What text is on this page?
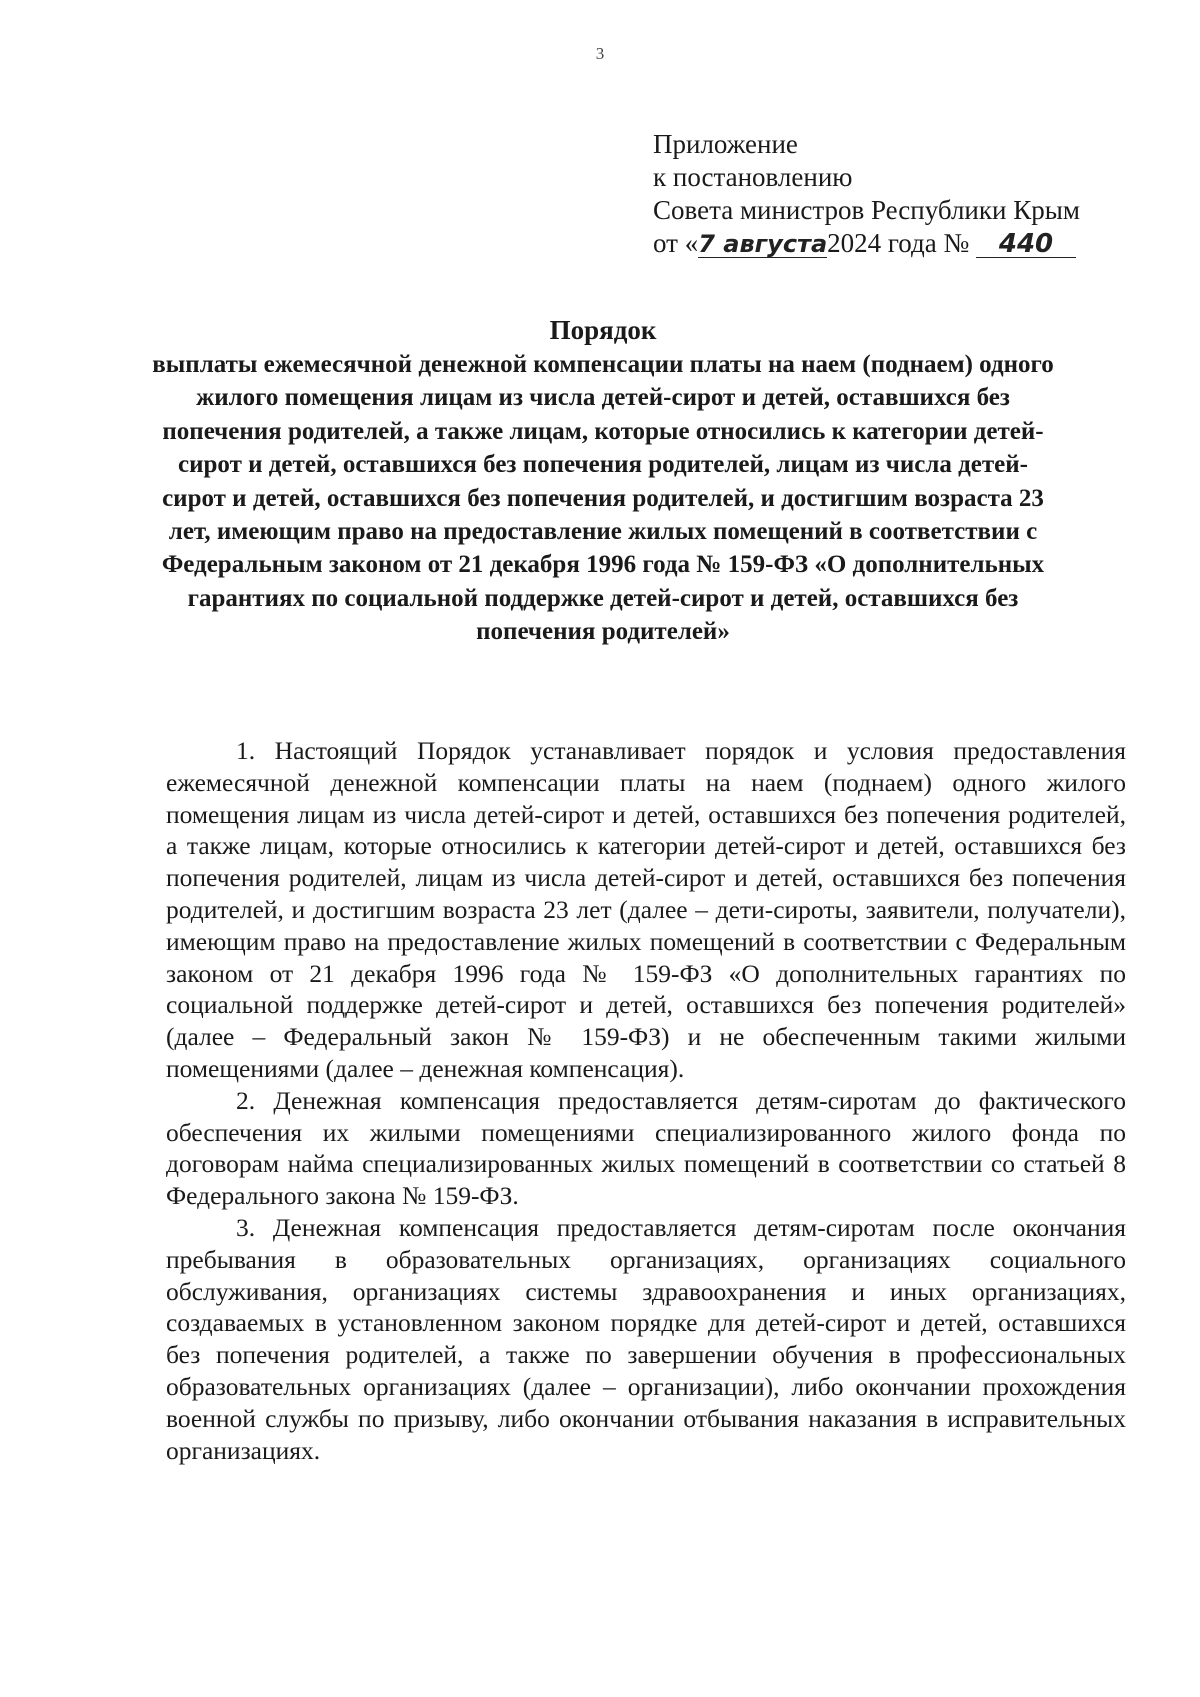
3
Приложение
к постановлению
Совета министров Республики Крым
от «7 августа2024 года № 440
Порядок
выплаты ежемесячной денежной компенсации платы на наем (поднаем) одного жилого помещения лицам из числа детей-сирот и детей, оставшихся без попечения родителей, а также лицам, которые относились к категории детей-сирот и детей, оставшихся без попечения родителей, лицам из числа детей-сирот и детей, оставшихся без попечения родителей, и достигшим возраста 23 лет, имеющим право на предоставление жилых помещений в соответствии с Федеральным законом от 21 декабря 1996 года № 159-ФЗ «О дополнительных гарантиях по социальной поддержке детей-сирот и детей, оставшихся без попечения родителей»

1. Настоящий Порядок устанавливает порядок и условия предоставления ежемесячной денежной компенсации платы на наем (поднаем) одного жилого помещения лицам из числа детей-сирот и детей, оставшихся без попечения родителей, а также лицам, которые относились к категории детей-сирот и детей, оставшихся без попечения родителей, лицам из числа детей-сирот и детей, оставшихся без попечения родителей, и достигшим возраста 23 лет (далее – дети-сироты, заявители, получатели), имеющим право на предоставление жилых помещений в соответствии с Федеральным законом от 21 декабря 1996 года № 159-ФЗ «О дополнительных гарантиях по социальной поддержке детей-сирот и детей, оставшихся без попечения родителей» (далее – Федеральный закон № 159-ФЗ) и не обеспеченным такими жилыми помещениями (далее – денежная компенсация).

2. Денежная компенсация предоставляется детям-сиротам до фактического обеспечения их жилыми помещениями специализированного жилого фонда по договорам найма специализированных жилых помещений в соответствии со статьей 8 Федерального закона № 159-ФЗ.

3. Денежная компенсация предоставляется детям-сиротам после окончания пребывания в образовательных организациях, организациях социального обслуживания, организациях системы здравоохранения и иных организациях, создаваемых в установленном законом порядке для детей-сирот и детей, оставшихся без попечения родителей, а также по завершении обучения в профессиональных образовательных организациях (далее – организации), либо окончании прохождения военной службы по призыву, либо окончании отбывания наказания в исправительных организациях.
